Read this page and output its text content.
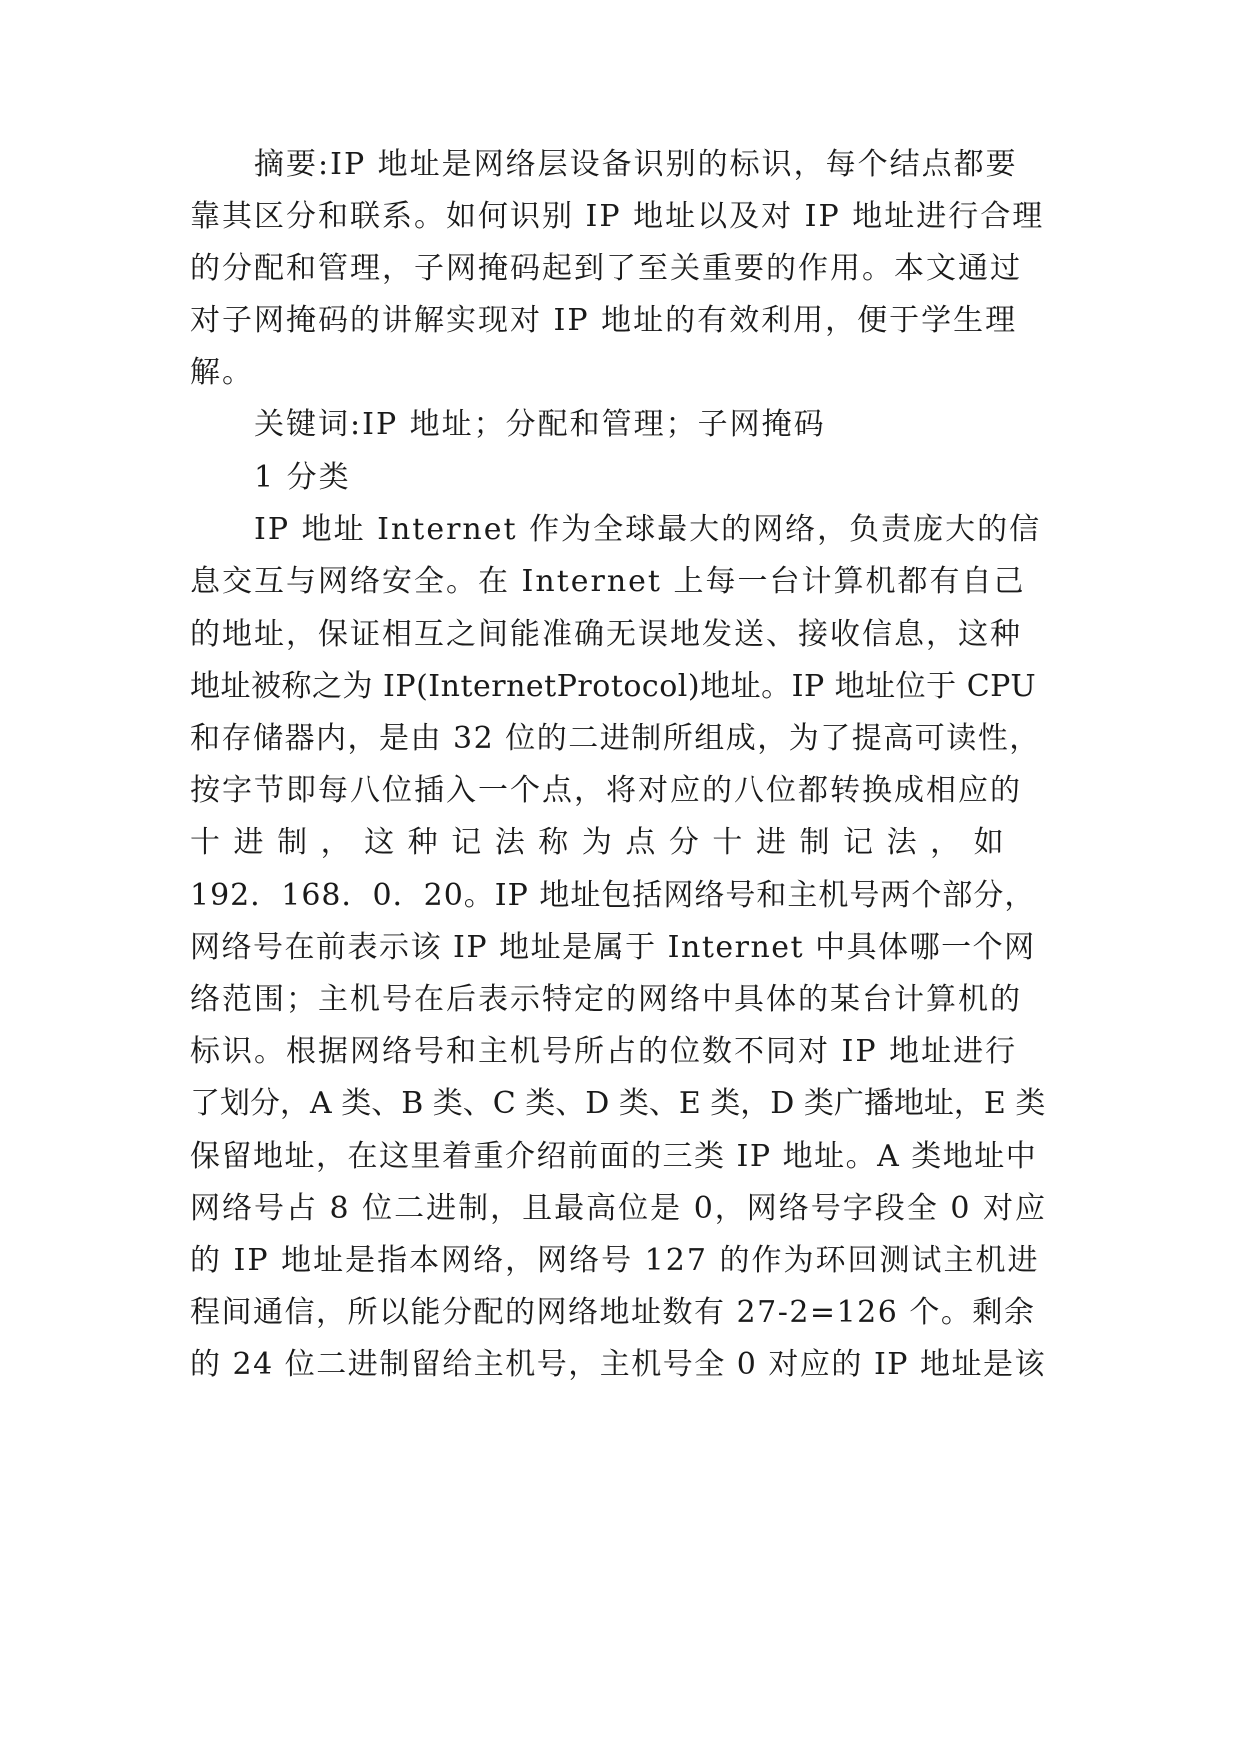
摘要:IP 地址是网络层设备识别的标识，每个结点都要
靠其区分和联系。如何识别 IP 地址以及对 IP 地址进行合理
的分配和管理，子网掩码起到了至关重要的作用。本文通过
对子网掩码的讲解实现对 IP 地址的有效利用，便于学生理
解。
关键词:IP 地址；分配和管理；子网掩码
1 分类
IP 地址 Internet 作为全球最大的网络，负责庞大的信
息交互与网络安全。在 Internet 上每一台计算机都有自己
的地址，保证相互之间能准确无误地发送、接收信息，这种
地址被称之为 IP(InternetProtocol)地址。IP 地址位于 CPU
和存储器内，是由 32 位的二进制所组成，为了提高可读性，
按字节即每八位插入一个点，将对应的八位都转换成相应的
十 进 制 ， 这 种 记 法 称 为 点 分 十 进 制 记 法 ， 如
192．168．0．20。IP 地址包括网络号和主机号两个部分，
网络号在前表示该 IP 地址是属于 Internet 中具体哪一个网
络范围；主机号在后表示特定的网络中具体的某台计算机的
标识。根据网络号和主机号所占的位数不同对 IP 地址进行
了划分，A 类、B 类、C 类、D 类、E 类，D 类广播地址，E 类
保留地址，在这里着重介绍前面的三类 IP 地址。A 类地址中
网络号占 8 位二进制，且最高位是 0，网络号字段全 0 对应
的 IP 地址是指本网络，网络号 127 的作为环回测试主机进
程间通信，所以能分配的网络地址数有 27-2=126 个。剩余
的 24 位二进制留给主机号，主机号全 0 对应的 IP 地址是该
